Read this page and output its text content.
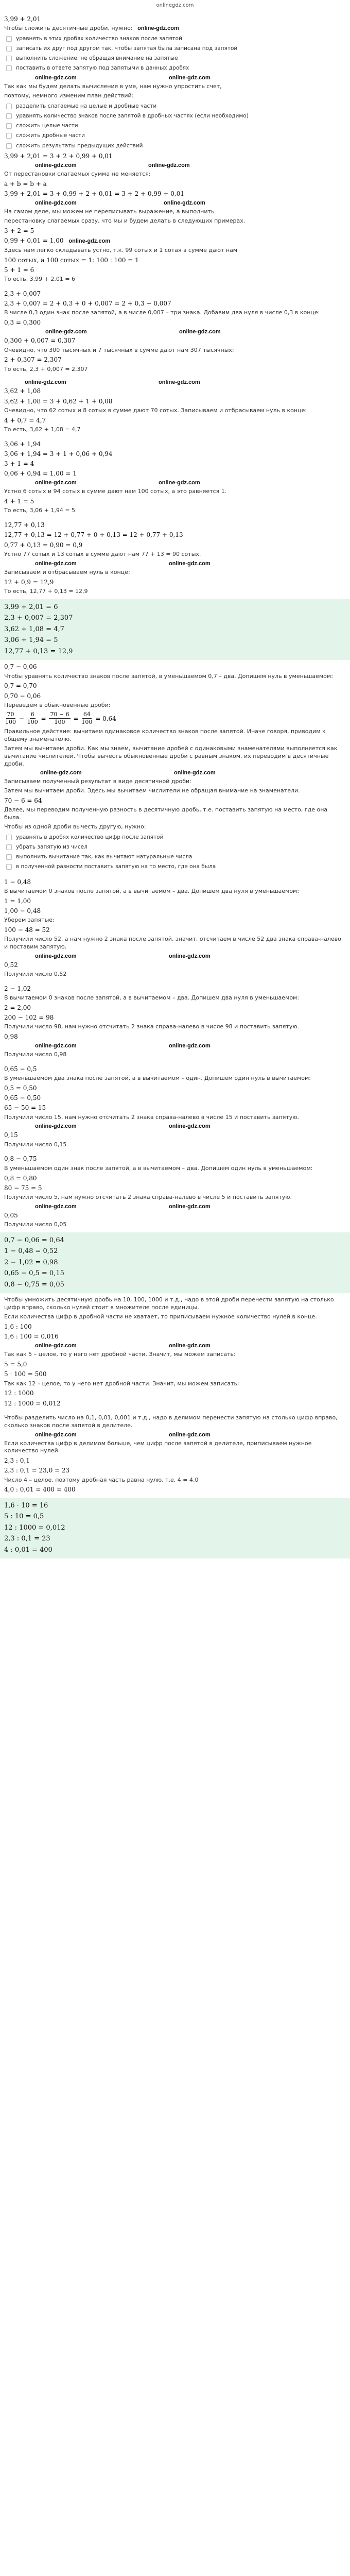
onlinegdz.com
3,99 + 2,01
Чтобы сложить десятичные дроби, нужно: online-gdz.com
уравнять в этих дробях количество знаков после запятой
записать их друг под другом так, чтобы запятая была записана под запятой
выполнить сложение, не обращая внимание на запятые
поставить в ответе запятую под запятыми в данных дробях
online-gdz.com	online-gdz.com
Так как мы будем делать вычисления в уме, нам нужно упростить счет,
поэтому, немного изменим план действий:
разделить слагаемые на целые и дробные части
уравнять количество знаков после запятой в дробных частях (если необходимо)
сложить целые части
сложить дробные части
сложить результаты предыдущих действий
3,99 + 2,01 = 3 + 2 + 0,99 + 0,01
online-gdz.com	online-gdz.com
От перестановки слагаемых сумма не меняется:
a + b = b + a
3,99 + 2,01 = 3 + 0,99 + 2 + 0,01 = 3 + 2 + 0,99 + 0,01
online-gdz.com	online-gdz.com
На самом деле, мы можем не переписывать выражение, а выполнить
перестановку слагаемых сразу, что мы и будем делать в следующих примерах.
3 + 2 = 5
0,99 + 0,01 = 1,00 online-gdz.com
Здесь нам легко складывать устно, т.к. 99 сотых и 1 сотая в сумме дают нам
100 сотых, а 100 сотых = 1: 100 : 100 = 1
5 + 1 = 6
То есть, 3,99 + 2,01 = 6
2,3 + 0,007
2,3 + 0,007 = 2 + 0,3 + 0 + 0,007 = 2 + 0,3 + 0,007
В числе 0,3 один знак после запятой, а в числе 0,007 – три знака. Добавим два нуля в числе 0,3 в конце:
0,3 = 0,300
online-gdz.com	online-gdz.com
0,300 + 0,007 = 0,307
Очевидно, что 300 тысячных и 7 тысячных в сумме дают нам 307 тысячных:
2 + 0,307 = 2,307
То есть, 2,3 + 0,007 = 2,307
online-gdz.com	online-gdz.com
3,62 + 1,08
3,62 + 1,08 = 3 + 0,62 + 1 + 0,08
Очевидно, что 62 сотых и 8 сотых в сумме дают 70 сотых. Записываем и отбрасываем нуль в конце:
4 + 0,7 = 4,7
То есть, 3,62 + 1,08 = 4,7
3,06 + 1,94
3,06 + 1,94 = 3 + 1 + 0,06 + 0,94
3 + 1 = 4
0,06 + 0,94 = 1,00 = 1
online-gdz.com	online-gdz.com
Устно 6 сотых и 94 сотых в сумме дают нам 100 сотых, а это равняется 1.
4 + 1 = 5
То есть, 3,06 + 1,94 = 5
12,77 + 0,13
12,77 + 0,13 = 12 + 0,77 + 0 + 0,13 = 12 + 0,77 + 0,13
0,77 + 0,13 = 0,90 = 0,9
Устно 77 сотых и 13 сотых в сумме дают нам 77 + 13 = 90 сотых.
online-gdz.com	online-gdz.com
Записываем и отбрасываем нуль в конце:
12 + 0,9 = 12,9
То есть, 12,77 + 0,13 = 12,9
3,99 + 2,01 = 6
2,3 + 0,007 = 2,307
3,62 + 1,08 = 4,7
3,06 + 1,94 = 5
12,77 + 0,13 = 12,9
0,7 − 0,06
Чтобы уравнять количество знаков после запятой, в уменьшаемом 0,7 – два. Допишем нуль в уменьшаемом:
0,7 = 0,70
0,70 − 0,06
Переведём в обыкновенные дроби:
$\frac{70}{100} - \frac{6}{100} = \frac{70 - 6}{100} = \frac{64}{100} = 0,64$
Правильное действие: вычитаем одинаковое количество знаков после запятой. Иначе говоря, приводим к общему знаменателю.
Затем мы вычитаем дроби. Как мы знаем, вычитание дробей с одинаковыми знаменателями выполняется как вычитание числителей. Чтобы вычесть обыкновенные дроби с равным знаком, их переводим в десятичные дроби.
online-gdz.com	online-gdz.com
Записываем полученный результат в виде десятичной дроби:
Затем мы вычитаем дроби. Здесь мы вычитаем числители не обращая внимание на знаменатели.
70 − 6 = 64
Далее, мы переводим полученную разность в десятичную дробь, т.е. поставить запятую на место, где она была.
Чтобы из одной дроби вычесть другую, нужно:
уравнять в дробях количество цифр после запятой
убрать запятую из чисел
выполнить вычитание так, как вычитают натуральные числа
в полученной разности поставить запятую на то место, где она была
1 − 0,48
В вычитаемом 0 знаков после запятой, а в вычитаемом – два. Допишем два нуля в уменьшаемом:
1 = 1,00
1,00 − 0,48
Уберем запятые:
100 − 48 = 52
Получили число 52, а нам нужно 2 знака после запятой, значит, отсчитаем в числе 52 два знака справа-налево и поставим запятую.
online-gdz.com	online-gdz.com
0,52
Получили число 0,52
2 − 1,02
В вычитаемом 0 знаков после запятой, а в вычитаемом – два. Допишем два нуля в уменьшаемом:
2 = 2,00
200 − 102 = 98
Получили число 98, нам нужно отсчитать 2 знака справа-налево в числе 98 и поставить запятую.
0,98
online-gdz.com	online-gdz.com
Получили число 0,98
0,65 − 0,5
В уменьшаемом два знака после запятой, а в вычитаемом – один. Допишем один нуль в вычитаемом:
0,5 = 0,50
0,65 − 0,50
65 − 50 = 15
Получили число 15, нам нужно отсчитать 2 знака справа-налево в числе 15 и поставить запятую.
online-gdz.com	online-gdz.com
0,15
Получили число 0,15
0,8 − 0,75
В уменьшаемом один знак после запятой, а в вычитаемом – два. Допишем один нуль в уменьшаемом:
0,8 = 0,80
80 − 75 = 5
Получили число 5, нам нужно отсчитать 2 знака справа-налево в числе 5 и поставить запятую.
online-gdz.com	online-gdz.com
0,05
Получили число 0,05
0,7 − 0,06 = 0,64
1 − 0,48 = 0,52
2 − 1,02 = 0,98
0,65 − 0,5 = 0,15
0,8 − 0,75 = 0,05
Чтобы умножить десятичную дробь на 10, 100, 1000 и т.д., надо в этой дроби перенести запятую на столько цифр вправо, сколько нулей стоит в множителе после единицы.
Если количества цифр в дробной части не хватает, то приписываем нужное количество нулей в конце.
1,6 : 100
1,6 : 100 = 0,016
online-gdz.com	online-gdz.com
Так как 5 – целое, то у него нет дробной части. Значит, мы можем записать:
5 = 5,0
5 · 100 = 500
Так как 12 – целое, то у него нет дробной части. Значит, мы можем записать:
12 : 1000
12 : 1000 = 0,012
Чтобы разделить число на 0,1, 0,01, 0,001 и т.д., надо в делимом перенести запятую на столько цифр вправо, сколько знаков после запятой в делителе.
online-gdz.com	online-gdz.com
Если количества цифр в делимом больше, чем цифр после запятой в делителе, приписываем нужное количество нулей.
2,3 : 0,1
2,3 : 0,1 = 23,0 = 23
Число 4 – целое, поэтому дробная часть равна нулю, т.е. 4 = 4,0
4,0 : 0,01 = 400 = 400
1,6 · 10 = 16
5 : 10 = 0,5
12 : 1000 = 0,012
2,3 : 0,1 = 23
4 : 0,01 = 400
